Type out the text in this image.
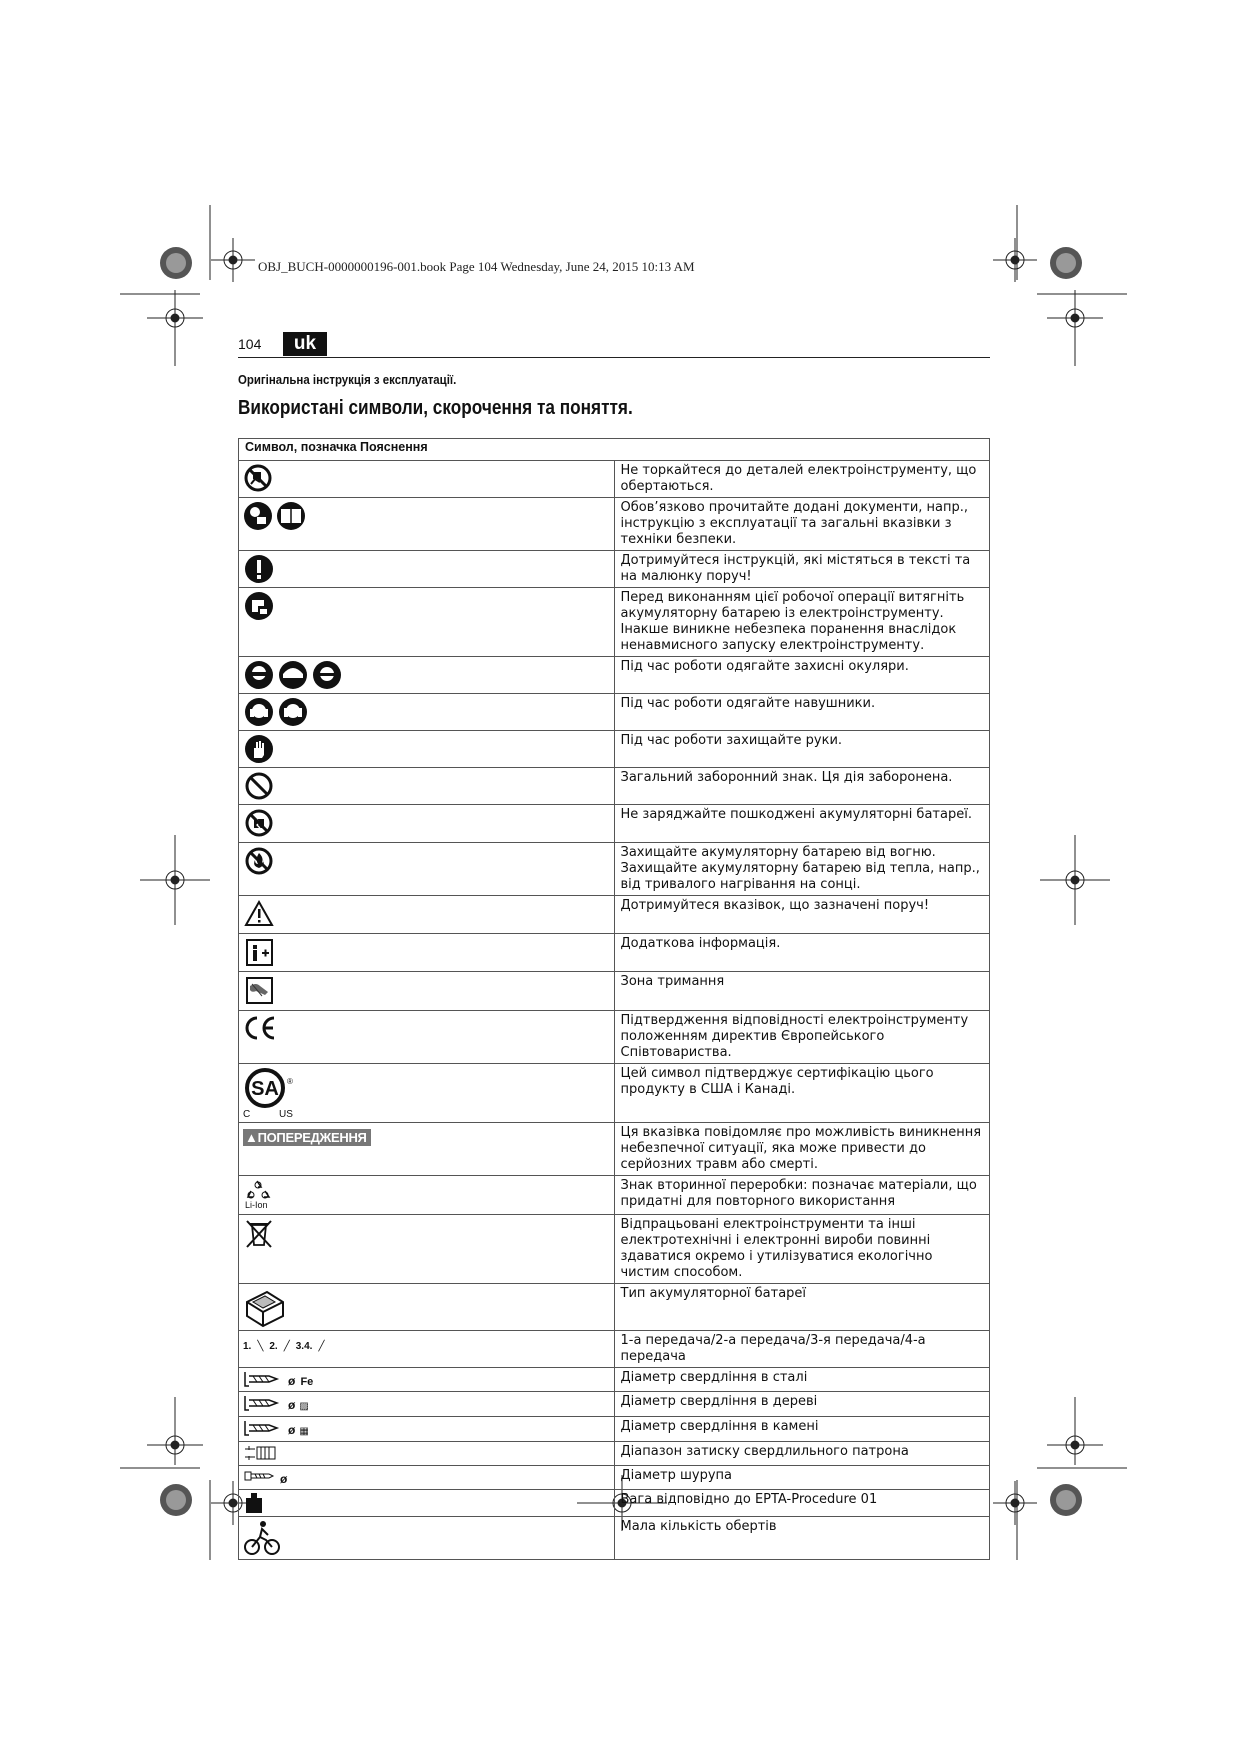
OBJ_BUCH-0000000196-001.book Page 104 Wednesday, June 24, 2015 10:13 AM
104	uk
Оригінальна інструкція з експлуатації.
Використані символи, скорочення та поняття.
Символ, позначка Пояснення	

	Не торкайтеся до деталей електроінструменту, що обертаються.

	Обов’язково прочитайте додані документи, напр., інструкцію з експлуатації та загальні вказівки з техніки безпеки.

	Дотримуйтеся інструкцій, які містяться в тексті та на малюнку поруч!

	Перед виконанням цієї робочої операції витягніть акумуляторну батарею із електроінструменту. Інакше виникне небезпека поранення внаслідок ненавмисного запуску електроінструменту.

	Під час роботи одягайте захисні окуляри.

	Під час роботи одягайте навушники.

	Під час роботи захищайте руки.

	Загальний заборонний знак. Ця дія заборонена.

	Не заряджайте пошкоджені акумуляторні батареї.

	Захищайте акумуляторну батарею від вогню. Захищайте акумуляторну батарею від тепла, напр., від тривалого нагрівання на сонці.

	Дотримуйтеся вказівок, що зазначені поруч!

	Додаткова інформація.

	Зона тримання

	Підтвердження відповідності електроінструменту положенням директив Європейського Співтовариства.

SA ®
C US	Цей символ підтверджує сертифікацію цього продукту в США і Канаді.
▲ПОПЕРЕДЖЕННЯ	Ця вказівка повідомляє про можливість виникнення небезпечної ситуації, яка може привести до серйозних травм або смерті.

Li-Ion	Знак вторинної переробки: позначає матеріали, що придатні для повторного використання

	Відпрацьовані електроінструменти та інші електротехнічні і електронні вироби повинні здаватися окремо і утилізуватися екологічно чистим способом.

	Тип акумуляторної батареї
1. ╲ 2. ╱ 3.4. ╱	1-а передача/2-а передача/3-я передача/4-а передача

ø Fe	Діаметр свердління в сталі

ø ▨	Діаметр свердління в дереві

ø ▦	Діаметр свердління в камені

	Діапазон затиску свердлильного патрона

ø	Діаметр шурупа

	Вага відповідно до EPTA-Procedure 01

	Мала кількість обертів
